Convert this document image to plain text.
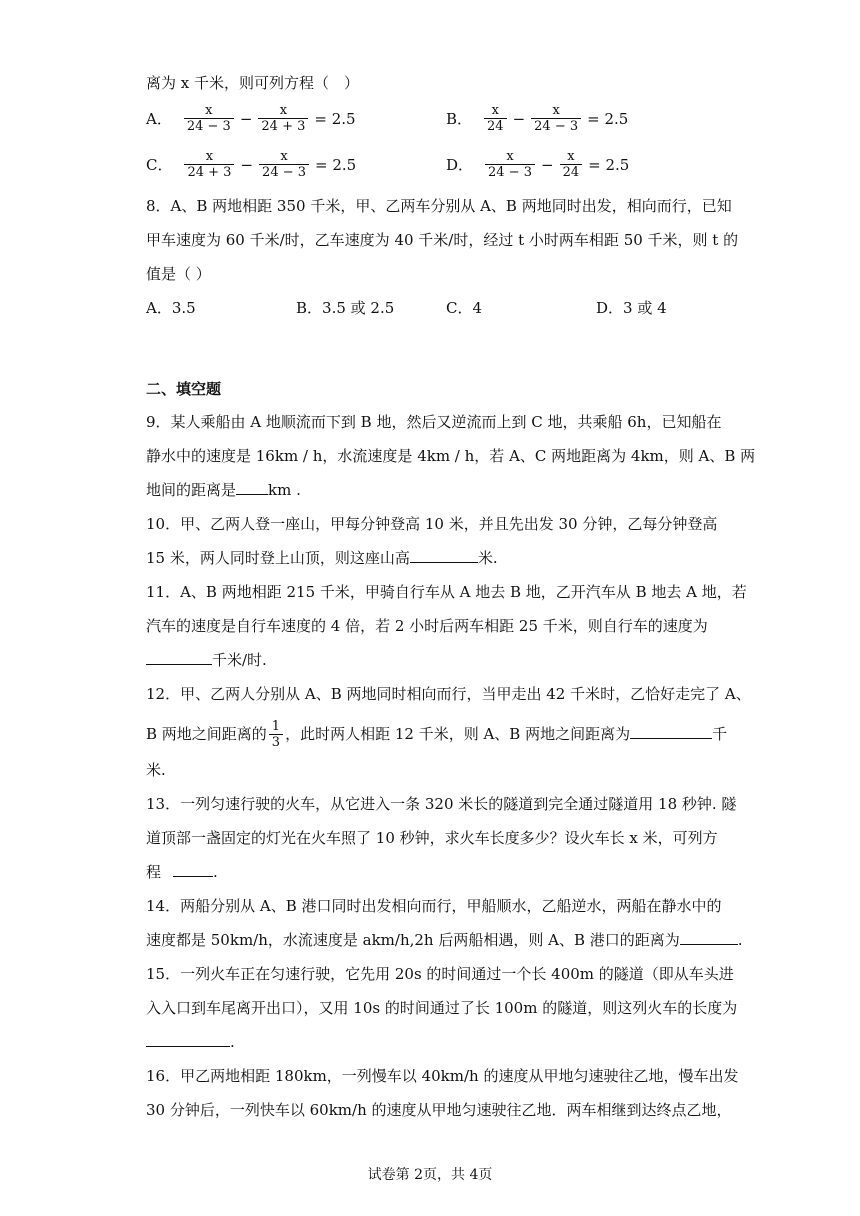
离为 x 千米，则可列方程（　）
A． $\frac{x}{24 - 3} - \frac{x}{24 + 3} = 2.5$	B． $\frac{x}{24} - \frac{x}{24 - 3} = 2.5$
C． $\frac{x}{24 + 3} - \frac{x}{24 - 3} = 2.5$	D． $\frac{x}{24 - 3} - \frac{x}{24} = 2.5$
8．A、B 两地相距 350 千米，甲、乙两车分别从 A、B 两地同时出发，相向而行，已知
甲车速度为 60 千米/时，乙车速度为 40 千米/时，经过 t 小时两车相距 50 千米，则 t 的
值是（ ）
A．3.5	B．3.5 或 2.5	C．4	D．3 或 4
二、填空题
9．某人乘船由 A 地顺流而下到 B 地，然后又逆流而上到 C 地，共乘船 6h，已知船在
静水中的速度是 16km / h，水流速度是 4km / h，若 A、C 两地距离为 4km，则 A、B 两
地间的距离是 km .
10．甲、乙两人登一座山，甲每分钟登高 10 米，并且先出发 30 分钟，乙每分钟登高
15 米，两人同时登上山顶，则这座山高	米.
11．A、B 两地相距 215 千米，甲骑自行车从 A 地去 B 地，乙开汽车从 B 地去 A 地，若
汽车的速度是自行车速度的 4 倍，若 2 小时后两车相距 25 千米，则自行车的速度为
千米/时.
12．甲、乙两人分别从 A、B 两地同时相向而行，当甲走出 42 千米时，乙恰好走完了 A、
B 两地之间距离的 $\frac{1}{3}$ ，此时两人相距 12 千米，则 A、B 两地之间距离为	千
米.
13．一列匀速行驶的火车，从它进入一条 320 米长的隧道到完全通过隧道用 18 秒钟. 隧
道顶部一盏固定的灯光在火车照了 10 秒钟，求火车长度多少？设火车长 x 米，可列方
程	.
14．两船分别从 A、B 港口同时出发相向而行，甲船顺水，乙船逆水，两船在静水中的
速度都是 50km/h，水流速度是 akm/h,2h 后两船相遇，则 A、B 港口的距离为	.
15．一列火车正在匀速行驶，它先用 20s 的时间通过一个长 400m 的隧道（即从车头进
入入口到车尾离开出口），又用 10s 的时间通过了长 100m 的隧道，则这列火车的长度为
.
16．甲乙两地相距 180km，一列慢车以 40km/h 的速度从甲地匀速驶往乙地，慢车出发
30 分钟后，一列快车以 60km/h 的速度从甲地匀速驶往乙地．两车相继到达终点乙地，
试卷第 2页，共 4页
